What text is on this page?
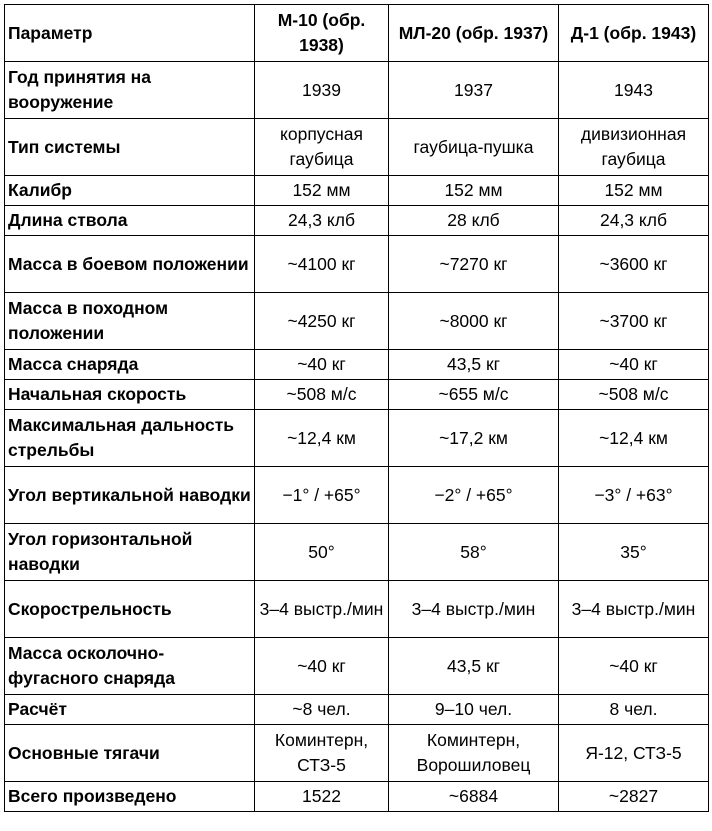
Параметр	М-10 (обр. 1938)	МЛ-20 (обр. 1937)	Д-1 (обр. 1943)
Год принятия на вооружение	1939	1937	1943
Тип системы	корпусная гаубица	гаубица-пушка	дивизионная гаубица
Калибр	152 мм	152 мм	152 мм
Длина ствола	24,3 клб	28 клб	24,3 клб
Масса в боевом положении	~4100 кг	~7270 кг	~3600 кг
Масса в походном положении	~4250 кг	~8000 кг	~3700 кг
Масса снаряда	~40 кг	43,5 кг	~40 кг
Начальная скорость	~508 м/с	~655 м/с	~508 м/с
Максимальная дальность стрельбы	~12,4 км	~17,2 км	~12,4 км
Угол вертикальной наводки	−1° / +65°	−2° / +65°	−3° / +63°
Угол горизонтальной наводки	50°	58°	35°
Скорострельность	3–4 выстр./мин	3–4 выстр./мин	3–4 выстр./мин
Масса осколочно-фугасного снаряда	~40 кг	43,5 кг	~40 кг
Расчёт	~8 чел.	9–10 чел.	8 чел.
Основные тягачи	Коминтерн, СТЗ-5	Коминтерн, Ворошиловец	Я-12, СТЗ-5
Всего произведено	1522	~6884	~2827
